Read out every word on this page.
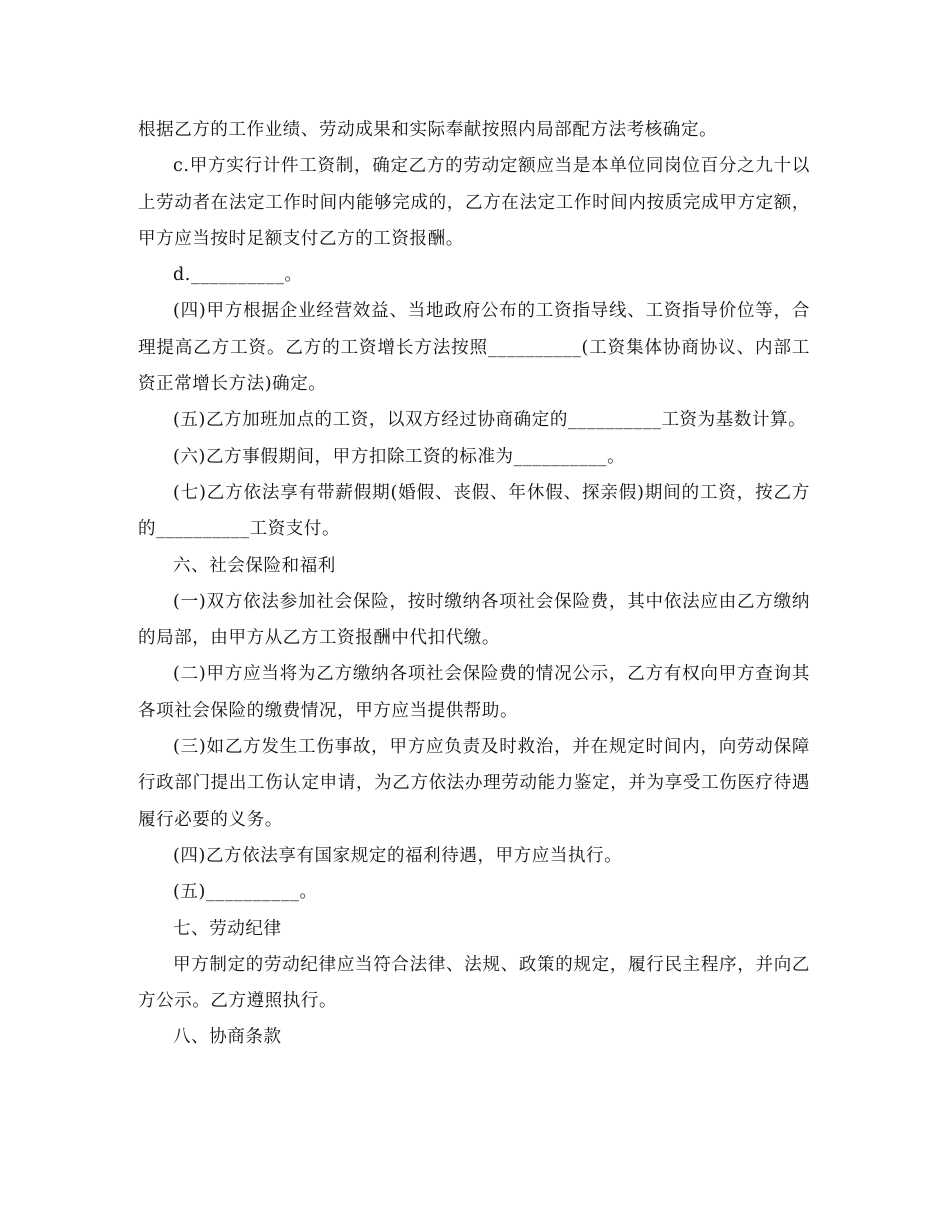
根据乙方的工作业绩、劳动成果和实际奉献按照内局部配方法考核确定。

c.甲方实行计件工资制，确定乙方的劳动定额应当是本单位同岗位百分之九十以上劳动者在法定工作时间内能够完成的，乙方在法定工作时间内按质完成甲方定额，甲方应当按时足额支付乙方的工资报酬。

d.__________。

(四)甲方根据企业经营效益、当地政府公布的工资指导线、工资指导价位等，合理提高乙方工资。乙方的工资增长方法按照__________(工资集体协商协议、内部工资正常增长方法)确定。

(五)乙方加班加点的工资，以双方经过协商确定的__________工资为基数计算。

(六)乙方事假期间，甲方扣除工资的标准为__________。

(七)乙方依法享有带薪假期(婚假、丧假、年休假、探亲假)期间的工资，按乙方的__________工资支付。

六、社会保险和福利

(一)双方依法参加社会保险，按时缴纳各项社会保险费，其中依法应由乙方缴纳的局部，由甲方从乙方工资报酬中代扣代缴。

(二)甲方应当将为乙方缴纳各项社会保险费的情况公示，乙方有权向甲方查询其各项社会保险的缴费情况，甲方应当提供帮助。

(三)如乙方发生工伤事故，甲方应负责及时救治，并在规定时间内，向劳动保障行政部门提出工伤认定申请，为乙方依法办理劳动能力鉴定，并为享受工伤医疗待遇履行必要的义务。

(四)乙方依法享有国家规定的福利待遇，甲方应当执行。

(五)__________。

七、劳动纪律

甲方制定的劳动纪律应当符合法律、法规、政策的规定，履行民主程序，并向乙方公示。乙方遵照执行。

八、协商条款
